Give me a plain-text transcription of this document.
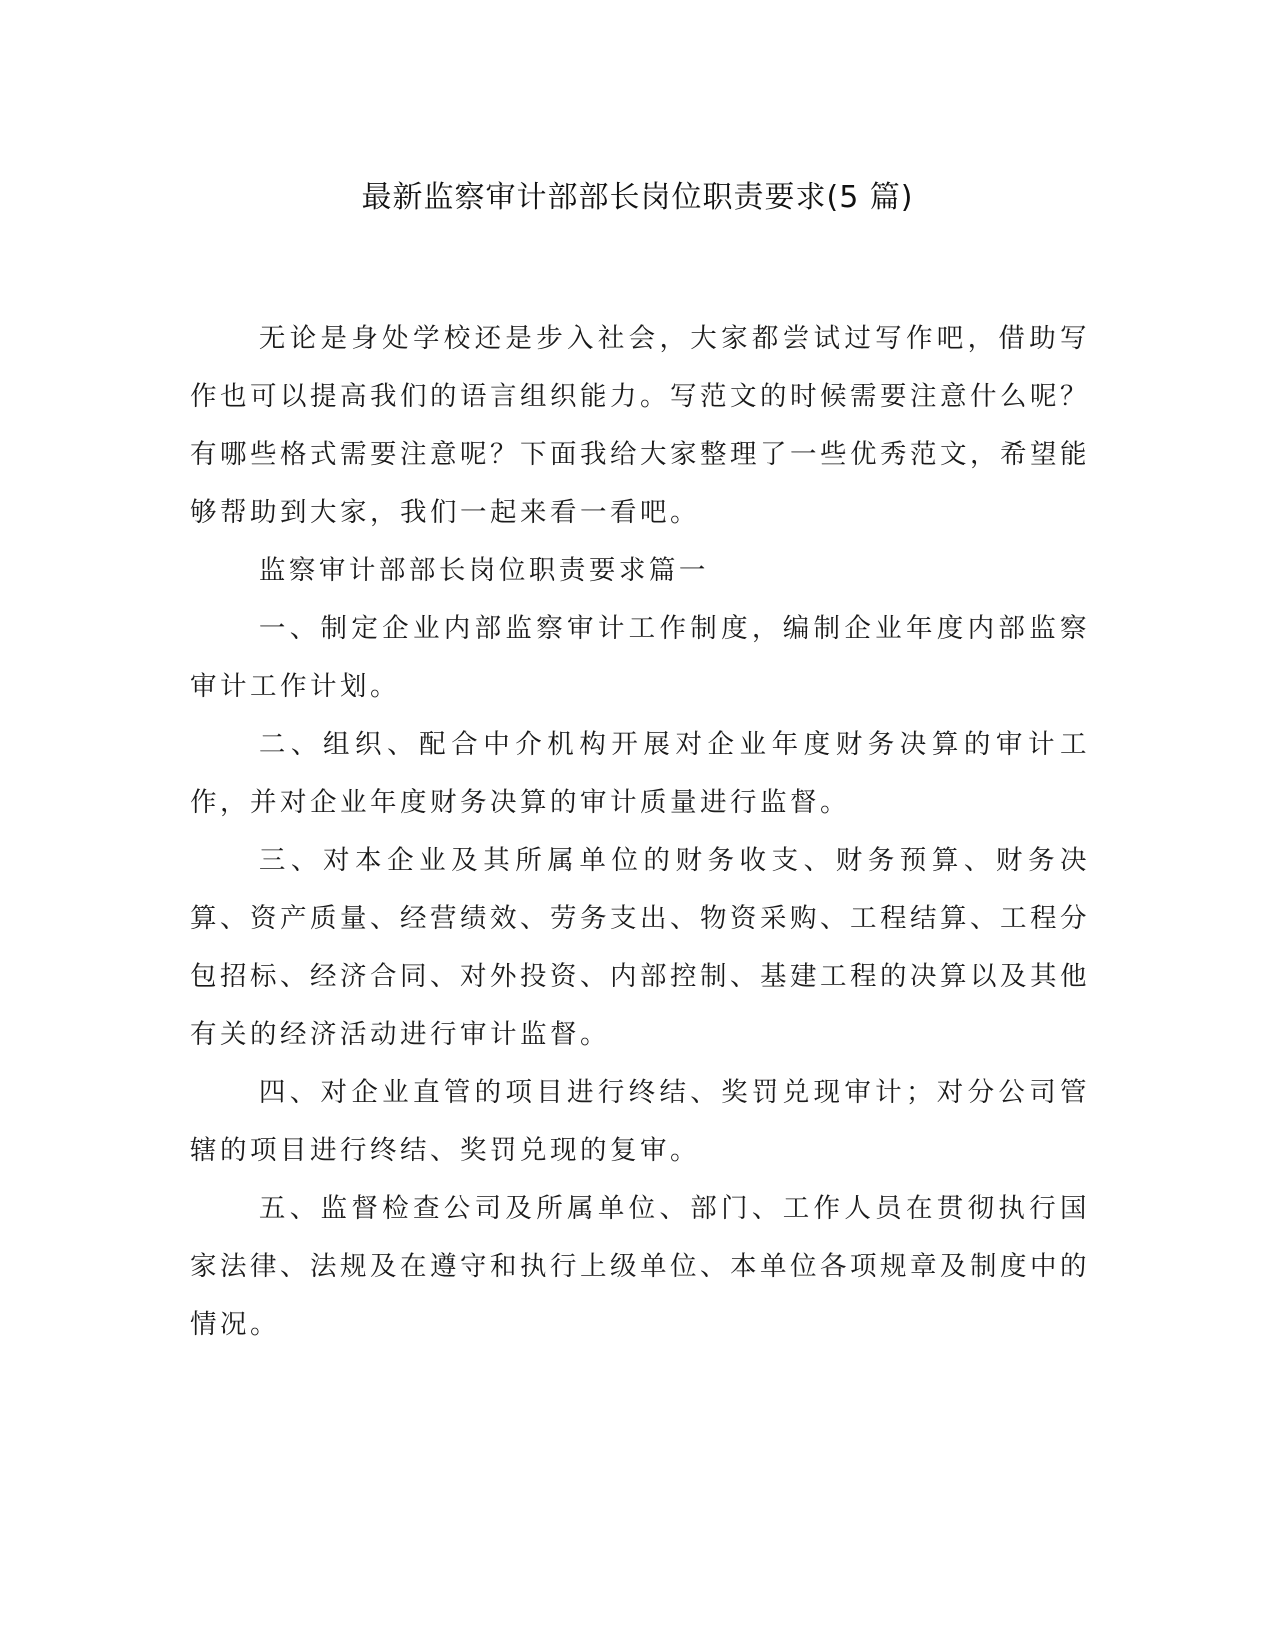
最新监察审计部部长岗位职责要求(5 篇)

无论是身处学校还是步入社会，大家都尝试过写作吧，借助写作也可以提高我们的语言组织能力。写范文的时候需要注意什么呢？有哪些格式需要注意呢？下面我给大家整理了一些优秀范文，希望能够帮助到大家，我们一起来看一看吧。

监察审计部部长岗位职责要求篇一

一、制定企业内部监察审计工作制度，编制企业年度内部监察审计工作计划。

二、组织、配合中介机构开展对企业年度财务决算的审计工作，并对企业年度财务决算的审计质量进行监督。

三、对本企业及其所属单位的财务收支、财务预算、财务决算、资产质量、经营绩效、劳务支出、物资采购、工程结算、工程分包招标、经济合同、对外投资、内部控制、基建工程的决算以及其他有关的经济活动进行审计监督。

四、对企业直管的项目进行终结、奖罚兑现审计；对分公司管辖的项目进行终结、奖罚兑现的复审。

五、监督检查公司及所属单位、部门、工作人员在贯彻执行国家法律、法规及在遵守和执行上级单位、本单位各项规章及制度中的情况。
